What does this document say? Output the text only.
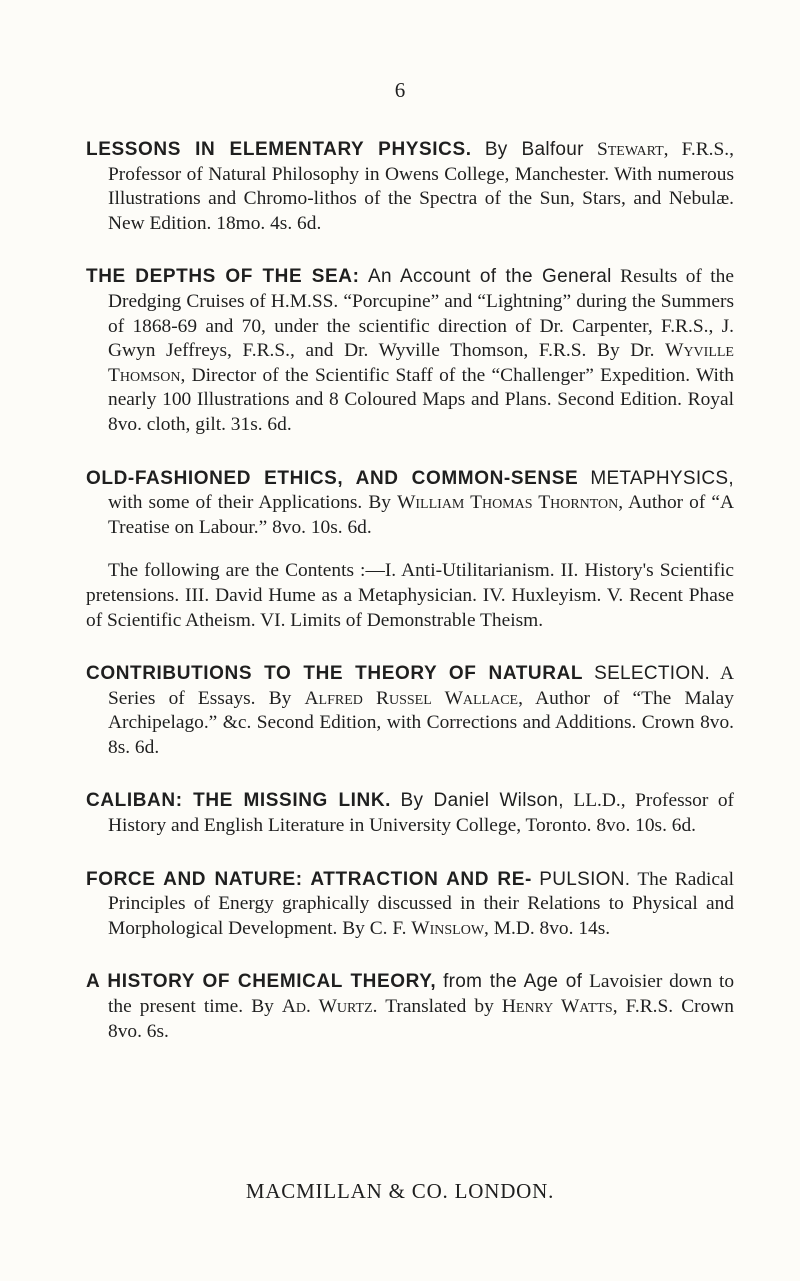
6
LESSONS IN ELEMENTARY PHYSICS. By Balfour Stewart, F.R.S., Professor of Natural Philosophy in Owens College, Manchester. With numerous Illustrations and Chromo-lithos of the Spectra of the Sun, Stars, and Nebulæ. New Edition. 18mo. 4s. 6d.
THE DEPTHS OF THE SEA: An Account of the General Results of the Dredging Cruises of H.M.SS. “Porcupine” and “Lightning” during the Summers of 1868-69 and 70, under the scientific direction of Dr. Carpenter, F.R.S., J. Gwyn Jeffreys, F.R.S., and Dr. Wyville Thomson, F.R.S. By Dr. Wyville Thomson, Director of the Scientific Staff of the “Challenger” Expedition. With nearly 100 Illustrations and 8 Coloured Maps and Plans. Second Edition. Royal 8vo. cloth, gilt. 31s. 6d.
OLD-FASHIONED ETHICS, AND COMMON-SENSE METAPHYSICS, with some of their Applications. By William Thomas Thornton, Author of “A Treatise on Labour.” 8vo. 10s. 6d.
The following are the Contents :—I. Anti-Utilitarianism. II. History's Scientific pretensions. III. David Hume as a Metaphysician. IV. Huxleyism. V. Recent Phase of Scientific Atheism. VI. Limits of Demonstrable Theism.
CONTRIBUTIONS TO THE THEORY OF NATURAL SELECTION. A Series of Essays. By Alfred Russel Wallace, Author of “The Malay Archipelago.” &c. Second Edition, with Corrections and Additions. Crown 8vo. 8s. 6d.
CALIBAN: THE MISSING LINK. By Daniel Wilson, LL.D., Professor of History and English Literature in University College, Toronto. 8vo. 10s. 6d.
FORCE AND NATURE: ATTRACTION AND RE- PULSION. The Radical Principles of Energy graphically discussed in their Relations to Physical and Morphological Development. By C. F. Winslow, M.D. 8vo. 14s.
A HISTORY OF CHEMICAL THEORY, from the Age of Lavoisier down to the present time. By Ad. Wurtz. Translated by Henry Watts, F.R.S. Crown 8vo. 6s.
MACMILLAN & CO. LONDON.
